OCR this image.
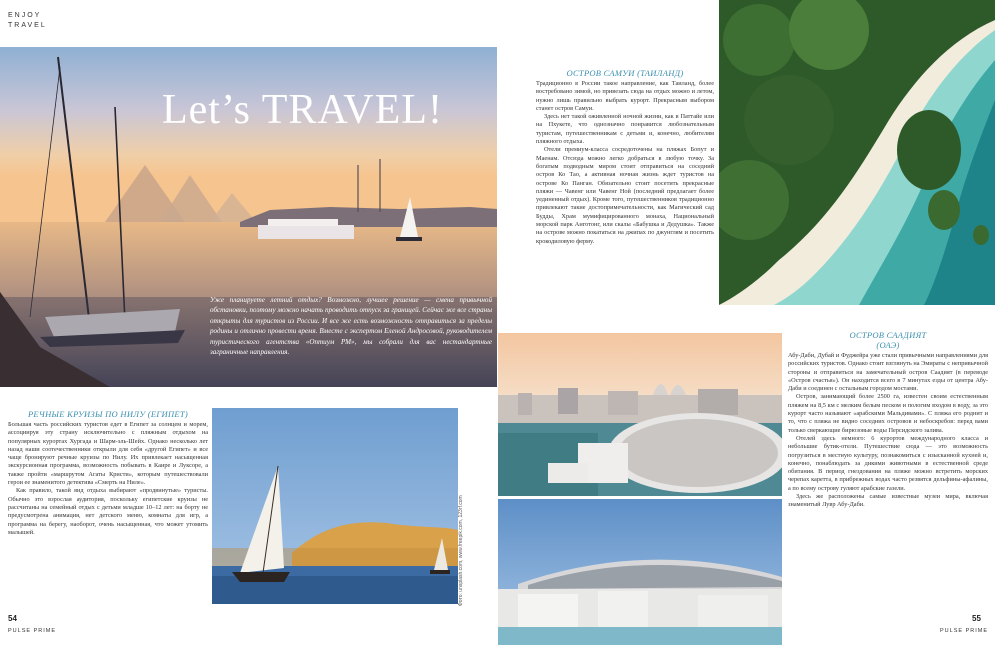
ENJOY
TRAVEL
Let’s TRAVEL!
Уже планируете летний отдых? Возможно, лучшее решение — смена привычной обстановки, поэтому можно начать проводить отпуск за границей. Сейчас же все страны открыты для туристов из России. И все же есть возможность отправиться за пределы родины и отлично провести время. Вместе с экспертом Еленой Андросовой, руководителем туристического агентства «Оптиум РМ», мы собрали для вас нестандартные заграничные направления.
РЕЧНЫЕ КРУИЗЫ ПО НИЛУ (ЕГИПЕТ)

Большая часть российских туристов едет в Египет за солнцем и морем, ассоциируя эту страну исключительно с пляжным отдыхом на популярных курортах Хургада и Шарм-эль-Шейх. Однако несколько лет назад наши соотечественники открыли для себя «другой Египет» и все чаще бронируют речные круизы по Нилу. Их привлекает насыщенная экскурсионная программа, возможность побывать в Каире и Луксоре, а также пройти «маршрутом Агаты Кристи», которым путешествовали герои ее знаменитого детектива «Смерть на Ниле».

Как правило, такой вид отдыха выбирают «продвинутые» туристы. Обычно это взрослая аудитория, поскольку египетские круизы не рассчитаны на семейный отдых с детьми младше 10–12 лет: на борту не предусмотрена анимация, нет детского меню, комнаты для игр, а программа на берегу, наоборот, очень насыщенная, что может утомить малышей.	Фото: unsplash.com, www.freepik.com, 123rf.com
54
PULSE PRIME
ОСТРОВ САМУИ (ТАИЛАНД)

Традиционно в России такое направление, как Таиланд, более востребовано зимой, но привезать сюда на отдых можно и летом, нужно лишь правильно выбрать курорт. Прекрасным выбором станет остров Самуи.

Здесь нет такой оживленной ночной жизни, как в Паттайе или на Пхукете, что однозначно понравится любознательным туристам, путешественникам с детьми и, конечно, любителям пляжного отдыха.

Отели премиум-класса сосредоточены на пляжах Бопут и Маенам. Отсюда можно легко добраться в любую точку. За богатым подводным миром стоит отправиться на соседний остров Ко Тао, а активная ночная жизнь ждет туристов на острове Ко Панган. Обязательно стоит посетить прекрасные пляжи — Чавенг или Чавенг Ной (последний предлагает более уединенный отдых). Кроме того, путешественников традиционно привлекают такие достопримечательности, как Магический сад Будды, Храм мумифицированного монаха, Национальный морской парк Анготонг, или скалы «Бабушка и Дедушка». Также на острове можно покататься на джипах по джунглям и посетить крокодиловую ферму.

ОСТРОВ СААДИЯТ
(ОАЭ)

Абу-Даби, Дубай и Фуджейра уже стали привычными направлениями для российских туристов. Однако стоит взглянуть на Эмираты с непривычной стороны и отправиться на замечательный остров Саадият (в переводе «Остров счастья»). Он находится всего в 7 минутах езды от центра Абу-Даби и соединен с остальным городом мостами.

Остров, занимающий более 2500 га, известен своим естественным пляжем на 8,5 км с мелким белым песком и пологим входом в воду, за это курорт часто называют «арабскими Мальдивами». С пляжа его роднит и то, что с пляжа не видно соседних островов и небоскребов: перед вами только сверкающие бирюзовые воды Персидского залива.

Отелей здесь немного: 6 курортов международного класса и небольшие бутик-отели. Путешествие сюда — это возможность погрузиться в местную культуру, познакомиться с изысканной кухней и, конечно, понаблюдать за дикими животными в естественной среде обитания. В период гнездования на пляже можно встретить морских черепах каретта, в прибрежных водах часто резвятся дельфины-афалины, а по всему острову гуляют арабские газели.

Здесь же расположены самые известные музеи мира, включая знаменитый Лувр Абу-Даби.

55
PULSE PRIME
